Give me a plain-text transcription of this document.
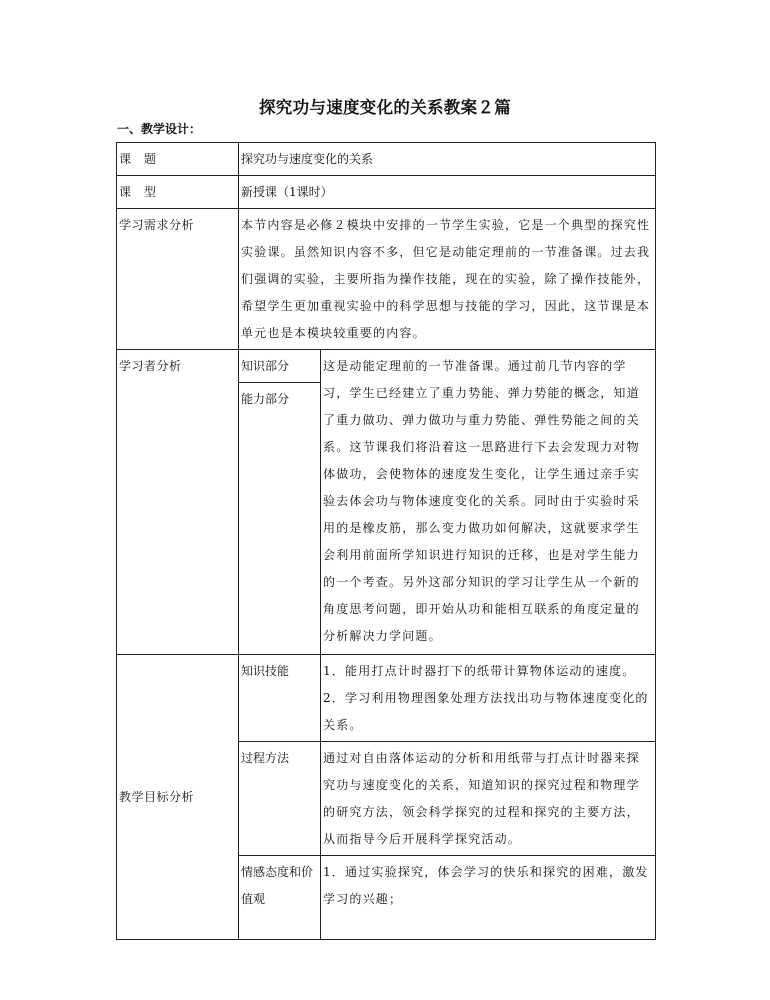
探究功与速度变化的关系教案２篇
一、教学设计：
课　题	探究功与速度变化的关系	
课　型	新授课（1课时）	
学习需求分析	本节内容是必修２模块中安排的一节学生实验，它是一个典型的探究性实验课。虽然知识内容不多，但它是动能定理前的一节准备课。过去我们强调的实验，主要所指为操作技能，现在的实验，除了操作技能外，希望学生更加重视实验中的科学思想与技能的学习，因此，这节课是本单元也是本模块较重要的内容。	
学习者分析	知识部分	这是动能定理前的一节准备课。通过前几节内容的学习，学生已经建立了重力势能、弹力势能的概念，知道了重力做功、弹力做功与重力势能、弹性势能之间的关系。这节课我们将沿着这一思路进行下去会发现力对物体做功，会使物体的速度发生变化，让学生通过亲手实验去体会功与物体速度变化的关系。同时由于实验时采用的是橡皮筋，那么变力做功如何解决，这就要求学生会利用前面所学知识进行知识的迁移，也是对学生能力的一个考查。另外这部分知识的学习让学生从一个新的角度思考问题，即开始从功和能相互联系的角度定量的分析解决力学问题。
	能力部分	
教学目标分析	知识技能	1．能用打点计时器打下的纸带计算物体运动的速度。
2．学习利用物理图象处理方法找出功与物体速度变化的关系。

	过程方法	通过对自由落体运动的分析和用纸带与打点计时器来探究功与速度变化的关系，知道知识的探究过程和物理学的研究方法，领会科学探究的过程和探究的主要方法，从而指导今后开展科学探究活动。
	情感态度和价值观	1．通过实验探究，体会学习的快乐和探究的困难，激发学习的兴趣；
